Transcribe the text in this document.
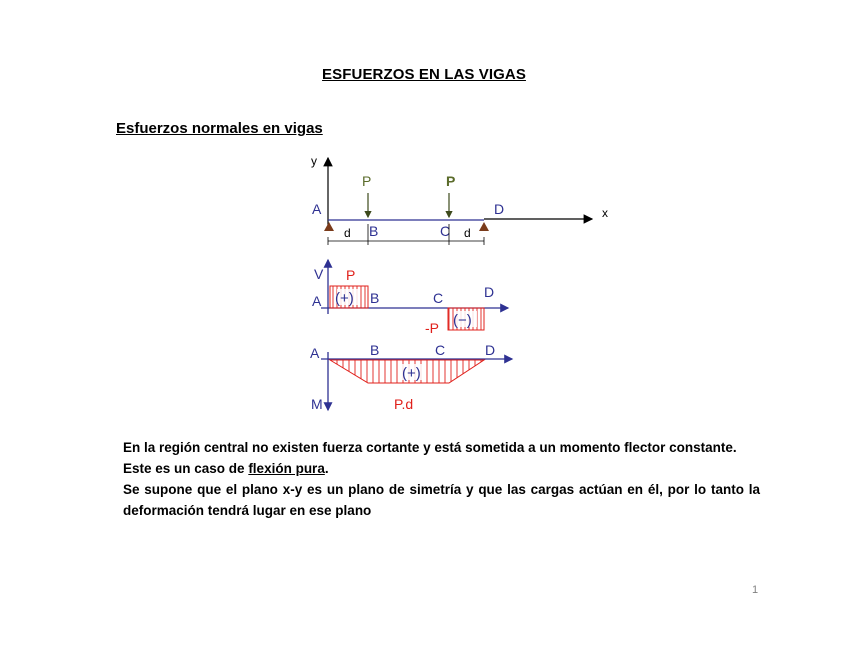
ESFUERZOS EN LAS VIGAS
Esfuerzos normales en vigas
y
x
P	P
A
B	C
D
d	d
V
(+)
(−)
P
-P
A	B	C	D
M
(+)
P.d
A	B	C	D

En la región central no existen fuerza cortante y está sometida a un momento flector constante.

Este es un caso de flexión pura.

Se supone que el plano x-y es un plano de simetría y que las cargas actúan en él, por lo tanto la deformación tendrá lugar en ese plano

1
